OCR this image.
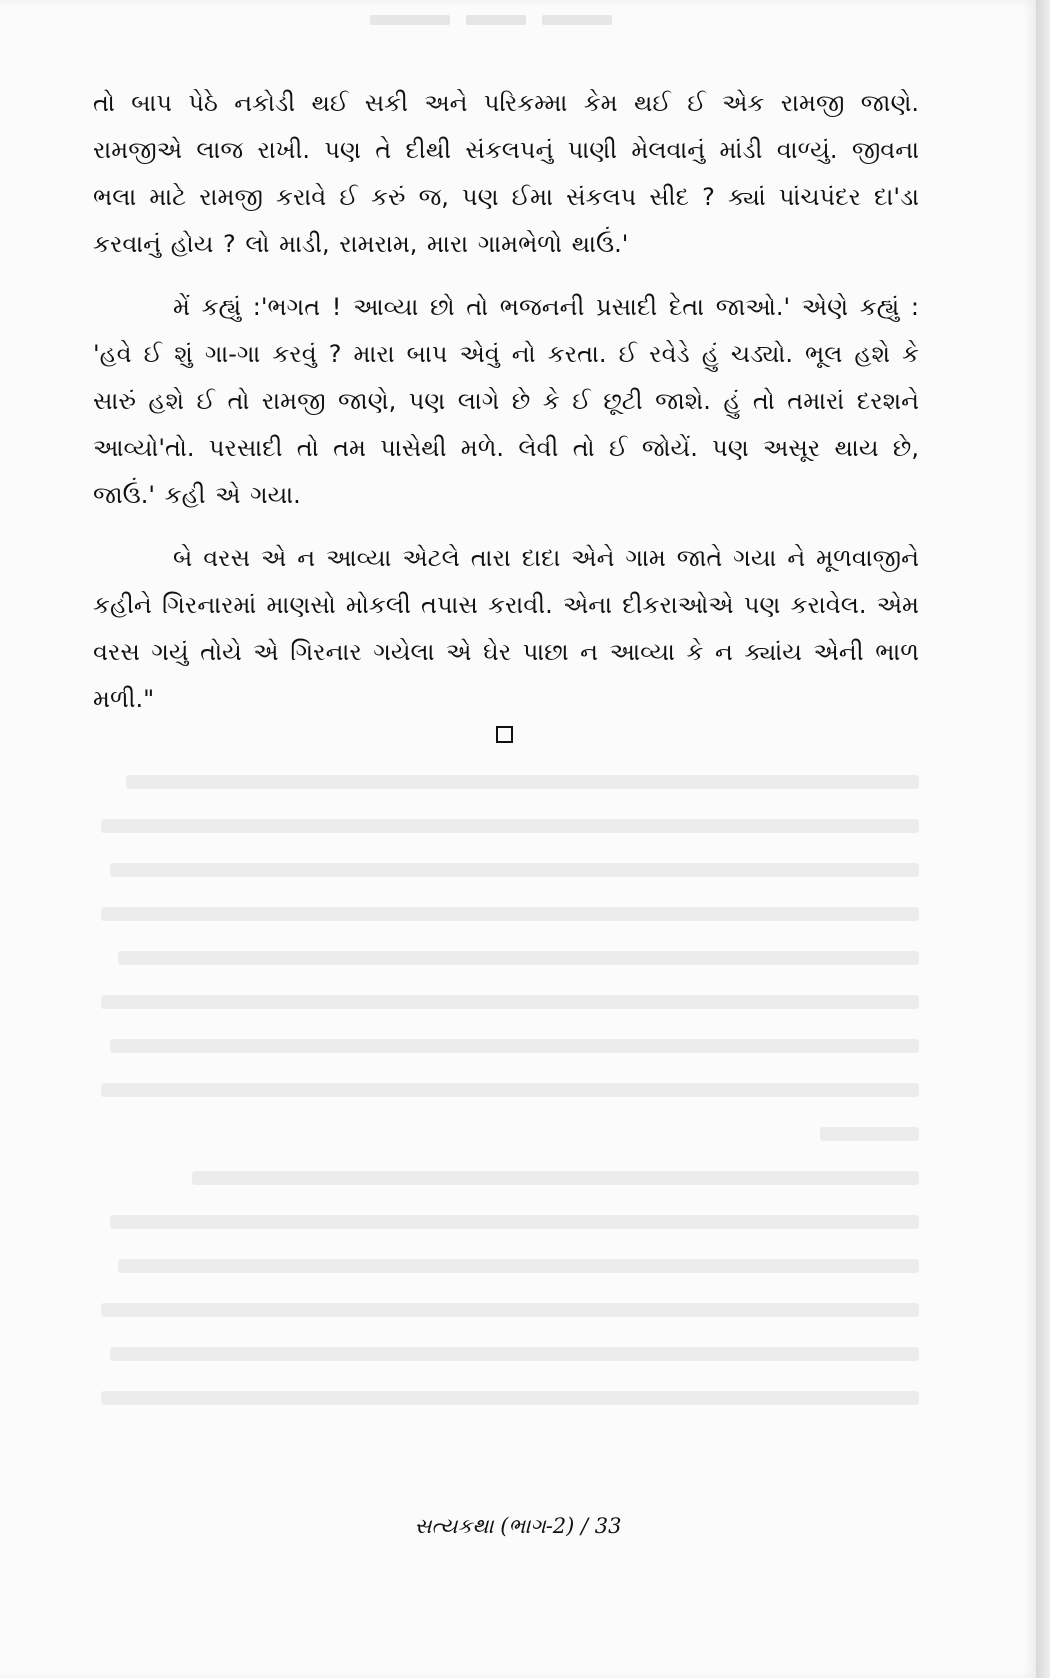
તો બાપ પેઠે નકોડી થઈ સકી અને પરિકમ્મા કેમ થઈ ઈ એક રામજી જાણે. રામજીએ લાજ રાખી. પણ તે દીથી સંકલપનું પાણી મેલવાનું માંડી વાળ્યું. જીવના ભલા માટે રામજી કરાવે ઈ કરું જ, પણ ઈમા સંકલપ સીદ ? ક્યાં પાંચપંદર દા'ડા કરવાનું હોય ? લો માડી, રામરામ, મારા ગામભેળો થાઉં.'

મેં કહ્યું :'ભગત ! આવ્યા છો તો ભજનની પ્રસાદી દેતા જાઓ.' એણે કહ્યું : 'હવે ઈ શું ગા-ગા કરવું ? મારા બાપ એવું નો કરતા. ઈ રવેડે હું ચડ્યો. ભૂલ હશે કે સારું હશે ઈ તો રામજી જાણે, પણ લાગે છે કે ઈ છૂટી જાશે. હું તો તમારાં દરશને આવ્યો'તો. પરસાદી તો તમ પાસેથી મળે. લેવી તો ઈ જોયેં. પણ અસૂર થાય છે, જાઉં.' કહી એ ગયા.

બે વરસ એ ન આવ્યા એટલે તારા દાદા એને ગામ જાતે ગયા ને મૂળવાજીને કહીને ગિરનારમાં માણસો મોકલી તપાસ કરાવી. એના દીકરાઓએ પણ કરાવેલ. એમ વરસ ગયું તોયે એ ગિરનાર ગયેલા એ ઘેર પાછા ન આવ્યા કે ન ક્યાંય એની ભાળ મળી."

સત્યકથા (ભાગ-2) / 33
